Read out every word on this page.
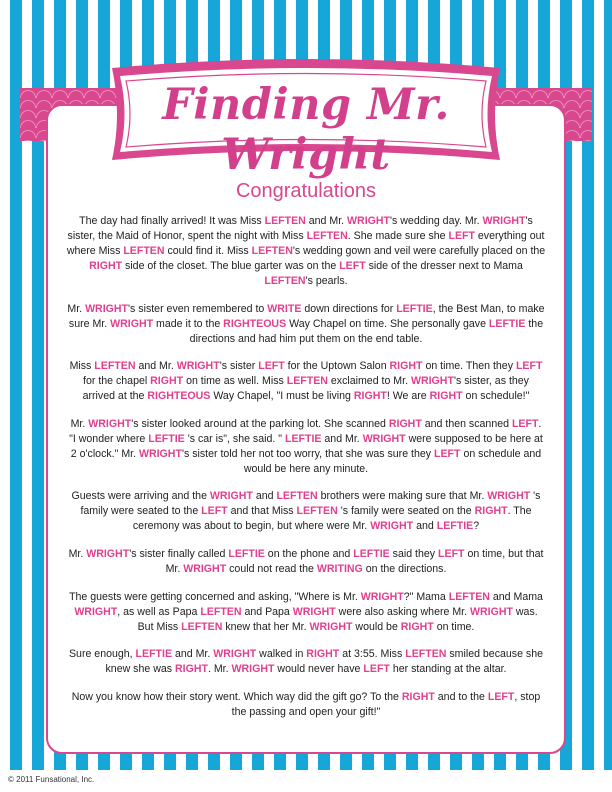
Finding Mr. Wright
Congratulations

The day had finally arrived! It was Miss LEFTEN and Mr. WRIGHT's wedding day. Mr. WRIGHT's sister, the Maid of Honor, spent the night with Miss LEFTEN. She made sure she LEFT everything out where Miss LEFTEN could find it. Miss LEFTEN's wedding gown and veil were carefully placed on the RIGHT side of the closet. The blue garter was on the LEFT side of the dresser next to Mama LEFTEN's pearls.

Mr. WRIGHT's sister even remembered to WRITE down directions for LEFTIE, the Best Man, to make sure Mr. WRIGHT made it to the RIGHTEOUS Way Chapel on time. She personally gave LEFTIE the directions and had him put them on the end table.

Miss LEFTEN and Mr. WRIGHT's sister LEFT for the Uptown Salon RIGHT on time. Then they LEFT for the chapel RIGHT on time as well. Miss LEFTEN exclaimed to Mr. WRIGHT's sister, as they arrived at the RIGHTEOUS Way Chapel, "I must be living RIGHT! We are RIGHT on schedule!"

Mr. WRIGHT's sister looked around at the parking lot. She scanned RIGHT and then scanned LEFT. "I wonder where LEFTIE 's car is", she said. " LEFTIE and Mr. WRIGHT were supposed to be here at 2 o'clock." Mr. WRIGHT's sister told her not too worry, that she was sure they LEFT on schedule and would be here any minute.

Guests were arriving and the WRIGHT and LEFTEN brothers were making sure that Mr. WRIGHT 's family were seated to the LEFT and that Miss LEFTEN 's family were seated on the RIGHT. The ceremony was about to begin, but where were Mr. WRIGHT and LEFTIE?

Mr. WRIGHT's sister finally called LEFTIE on the phone and LEFTIE said they LEFT on time, but that Mr. WRIGHT could not read the WRITING on the directions.

The guests were getting concerned and asking, "Where is Mr. WRIGHT?" Mama LEFTEN and Mama WRIGHT, as well as Papa LEFTEN and Papa WRIGHT were also asking where Mr. WRIGHT was. But Miss LEFTEN knew that her Mr. WRIGHT would be RIGHT on time.

Sure enough, LEFTIE and Mr. WRIGHT walked in RIGHT at 3:55. Miss LEFTEN smiled because she knew she was RIGHT. Mr. WRIGHT would never have LEFT her standing at the altar.

Now you know how their story went. Which way did the gift go? To the RIGHT and to the LEFT, stop the passing and open your gift!"

© 2011 Funsational, Inc.
